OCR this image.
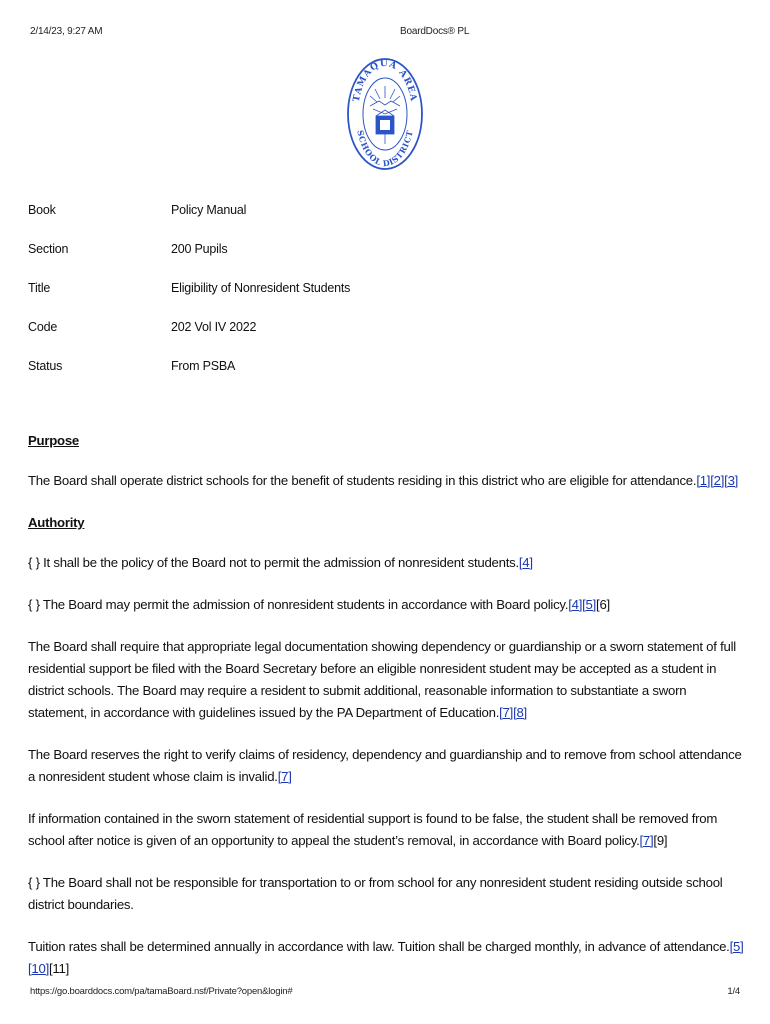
2/14/23, 9:27 AM	BoardDocs® PL
TAMAQUA AREA
SCHOOL DISTRICT
Book	Policy Manual
Section	200 Pupils
Title	Eligibility of Nonresident Students
Code	202 Vol IV 2022
Status	From PSBA
Purpose

The Board shall operate district schools for the benefit of students residing in this district who are eligible for attendance.[1][2][3]

Authority

{ } It shall be the policy of the Board not to permit the admission of nonresident students.[4]

{ } The Board may permit the admission of nonresident students in accordance with Board policy.[4][5][6]

The Board shall require that appropriate legal documentation showing dependency or guardianship or a sworn statement of full residential support be filed with the Board Secretary before an eligible nonresident student may be accepted as a student in district schools. The Board may require a resident to submit additional, reasonable information to substantiate a sworn statement, in accordance with guidelines issued by the PA Department of Education.[7][8]

The Board reserves the right to verify claims of residency, dependency and guardianship and to remove from school attendance a nonresident student whose claim is invalid.[7]

If information contained in the sworn statement of residential support is found to be false, the student shall be removed from school after notice is given of an opportunity to appeal the student’s removal, in accordance with Board policy.[7][9]

{ } The Board shall not be responsible for transportation to or from school for any nonresident student residing outside school district boundaries.

Tuition rates shall be determined annually in accordance with law. Tuition shall be charged monthly, in advance of attendance.[5][10][11]

https://go.boarddocs.com/pa/tamaBoard.nsf/Private?open&login#	1/4
